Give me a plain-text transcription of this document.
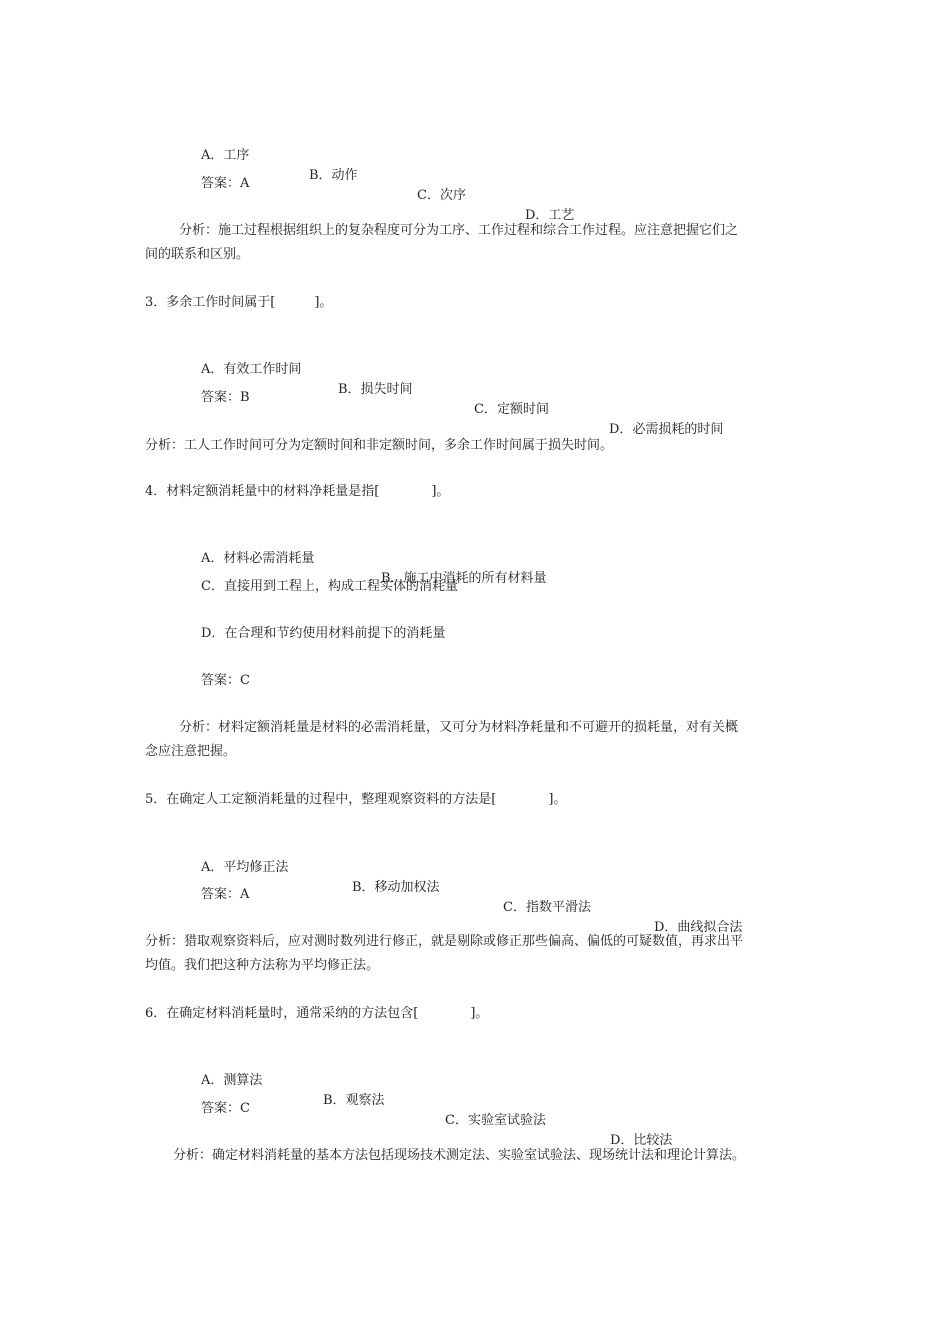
A．工序

B．动作

C．次序

D．工艺

答案：A
分析：施工过程根据组织上的复杂程度可分为工序、工作过程和综合工作过程。应注意把握它们之
间的联系和区别。
3．多余工作时间属于[　　　]。

A．有效工作时间

B．损失时间

C．定额时间

D．必需损耗的时间

答案：B
分析：工人工作时间可分为定额时间和非定额时间，多余工作时间属于损失时间。
4．材料定额消耗量中的材料净耗量是指[　　　　]。

A．材料必需消耗量

B．施工中消耗的所有材料量

C．直接用到工程上，构成工程实体的消耗量
D．在合理和节约使用材料前提下的消耗量
答案：C
分析：材料定额消耗量是材料的必需消耗量，又可分为材料净耗量和不可避开的损耗量，对有关概
念应注意把握。
5．在确定人工定额消耗量的过程中，整理观察资料的方法是[　　　　]。

A．平均修正法

B．移动加权法

C．指数平滑法

D．曲线拟合法

答案：A
分析：猎取观察资料后，应对测时数列进行修正，就是剔除或修正那些偏高、偏低的可疑数值，再求出平
均值。我们把这种方法称为平均修正法。
6．在确定材料消耗量时，通常采纳的方法包含[　　　　]。

A．测算法

B．观察法

C．实验室试验法

D．比较法

答案：C
分析：确定材料消耗量的基本方法包括现场技术测定法、实验室试验法、现场统计法和理论计算法。
